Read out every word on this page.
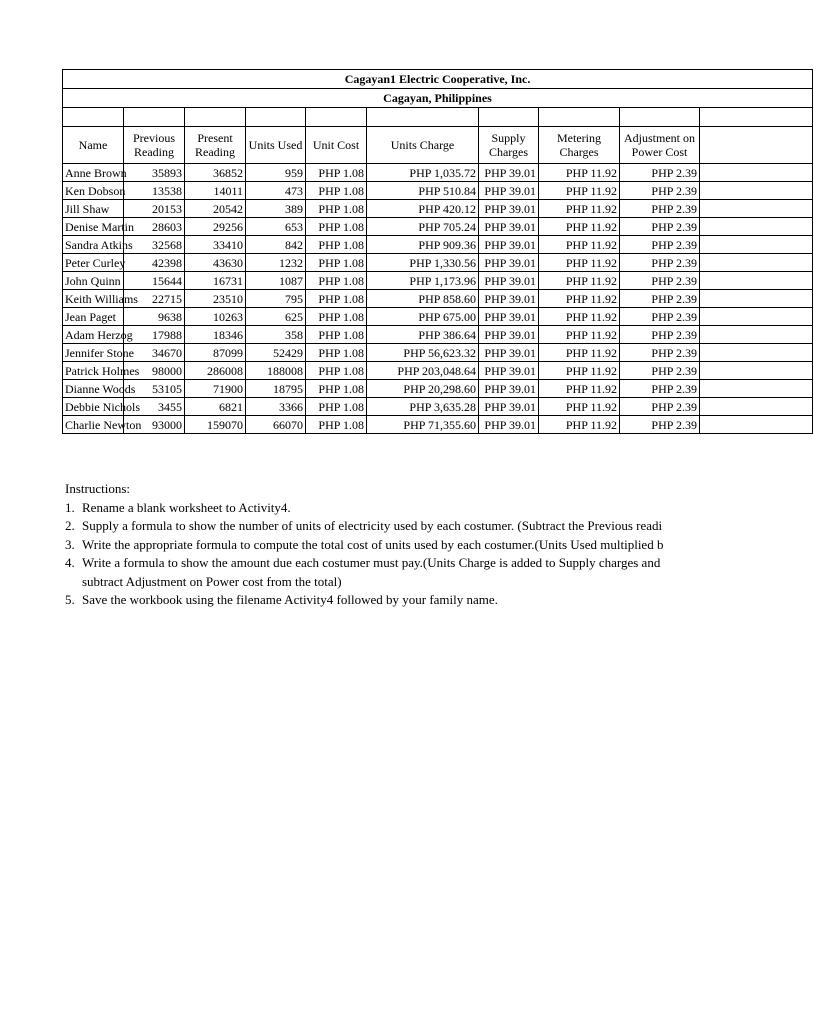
Cagayan1 Electric Cooperative, Inc.									
Cagayan, Philippines									

Name	Previous Reading	Present Reading	Units Used	Unit Cost	Units Charge	Supply Charges	Metering Charges	Adjustment on Power Cost	
Anne Brown	35893	36852	959	PHP 1.08	PHP 1,035.72	PHP 39.01	PHP 11.92	PHP 2.39	
Ken Dobson	13538	14011	473	PHP 1.08	PHP 510.84	PHP 39.01	PHP 11.92	PHP 2.39	
Jill Shaw	20153	20542	389	PHP 1.08	PHP 420.12	PHP 39.01	PHP 11.92	PHP 2.39	
Denise Martin	28603	29256	653	PHP 1.08	PHP 705.24	PHP 39.01	PHP 11.92	PHP 2.39	
Sandra Atkins	32568	33410	842	PHP 1.08	PHP 909.36	PHP 39.01	PHP 11.92	PHP 2.39	
Peter Curley	42398	43630	1232	PHP 1.08	PHP 1,330.56	PHP 39.01	PHP 11.92	PHP 2.39	
John Quinn	15644	16731	1087	PHP 1.08	PHP 1,173.96	PHP 39.01	PHP 11.92	PHP 2.39	
Keith Williams	22715	23510	795	PHP 1.08	PHP 858.60	PHP 39.01	PHP 11.92	PHP 2.39	
Jean Paget	9638	10263	625	PHP 1.08	PHP 675.00	PHP 39.01	PHP 11.92	PHP 2.39	
Adam Herzog	17988	18346	358	PHP 1.08	PHP 386.64	PHP 39.01	PHP 11.92	PHP 2.39	
Jennifer Stone	34670	87099	52429	PHP 1.08	PHP 56,623.32	PHP 39.01	PHP 11.92	PHP 2.39	
Patrick Holmes	98000	286008	188008	PHP 1.08	PHP 203,048.64	PHP 39.01	PHP 11.92	PHP 2.39	
Dianne Woods	53105	71900	18795	PHP 1.08	PHP 20,298.60	PHP 39.01	PHP 11.92	PHP 2.39	
Debbie Nichols	3455	6821	3366	PHP 1.08	PHP 3,635.28	PHP 39.01	PHP 11.92	PHP 2.39	
Charlie Newton	93000	159070	66070	PHP 1.08	PHP 71,355.60	PHP 39.01	PHP 11.92	PHP 2.39	
Instructions:
1. Rename a blank worksheet to Activity4.
2. Supply a formula to show the number of units of electricity used by each costumer. (Subtract the Previous readi
3. Write the appropriate formula to compute the total cost of units used by each costumer.(Units Used multiplied b
4. Write a formula to show the amount due each costumer must pay.(Units Charge is added to Supply charges and
subtract Adjustment on Power cost from the total)
5. Save the workbook using the filename Activity4 followed by your family name.
